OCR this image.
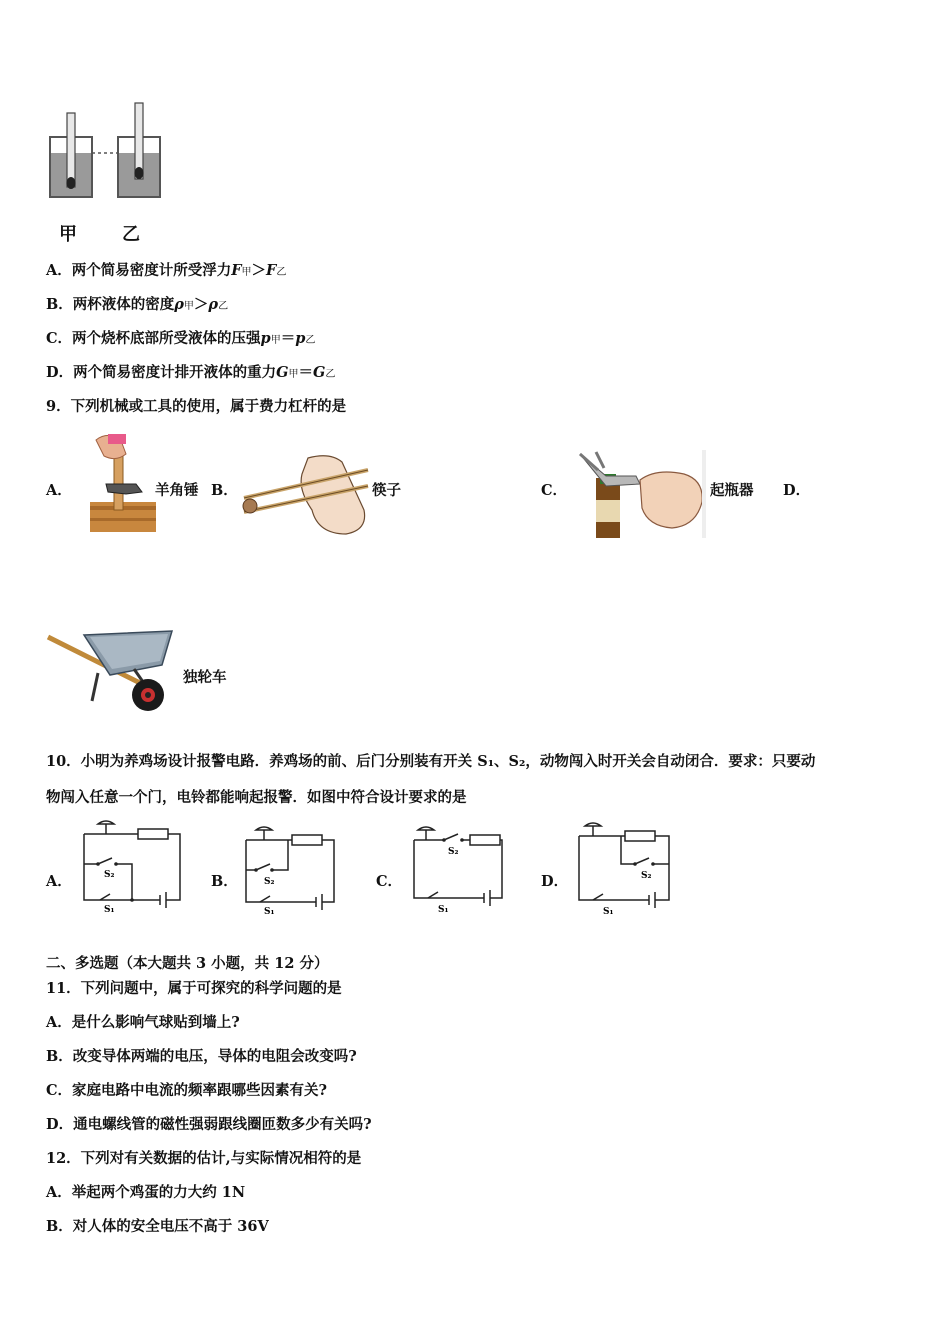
甲	乙
A．两个简易密度计所受浮力F甲＞F乙
B．两杯液体的密度ρ甲＞ρ乙
C．两个烧杯底部所受液体的压强p甲＝p乙
D．两个简易密度计排开液体的重力G甲＝G乙
9．下列机械或工具的使用，属于费力杠杆的是
A．	羊角锤 B．	筷子	C．	起瓶器 D．
独轮车
10．小明为养鸡场设计报警电路．养鸡场的前、后门分别装有开关 S₁、S₂，动物闯入时开关会自动闭合．要求：只要动
物闯入任意一个门，电铃都能响起报警．如图中符合设计要求的是
A．	S₂
S₁
B．	S₂
S₁
C．
S₂
S₁
D．	S₂
S₁
二、多选题（本大题共 3 小题，共 12 分）
11．下列问题中，属于可探究的科学问题的是
A．是什么影响气球贴到墙上?
B．改变导体两端的电压，导体的电阻会改变吗?
C．家庭电路中电流的频率跟哪些因素有关?
D．通电螺线管的磁性强弱跟线圈匝数多少有关吗?
12．下列对有关数据的估计,与实际情况相符的是
A．举起两个鸡蛋的力大约 1N
B．对人体的安全电压不高于 36V
